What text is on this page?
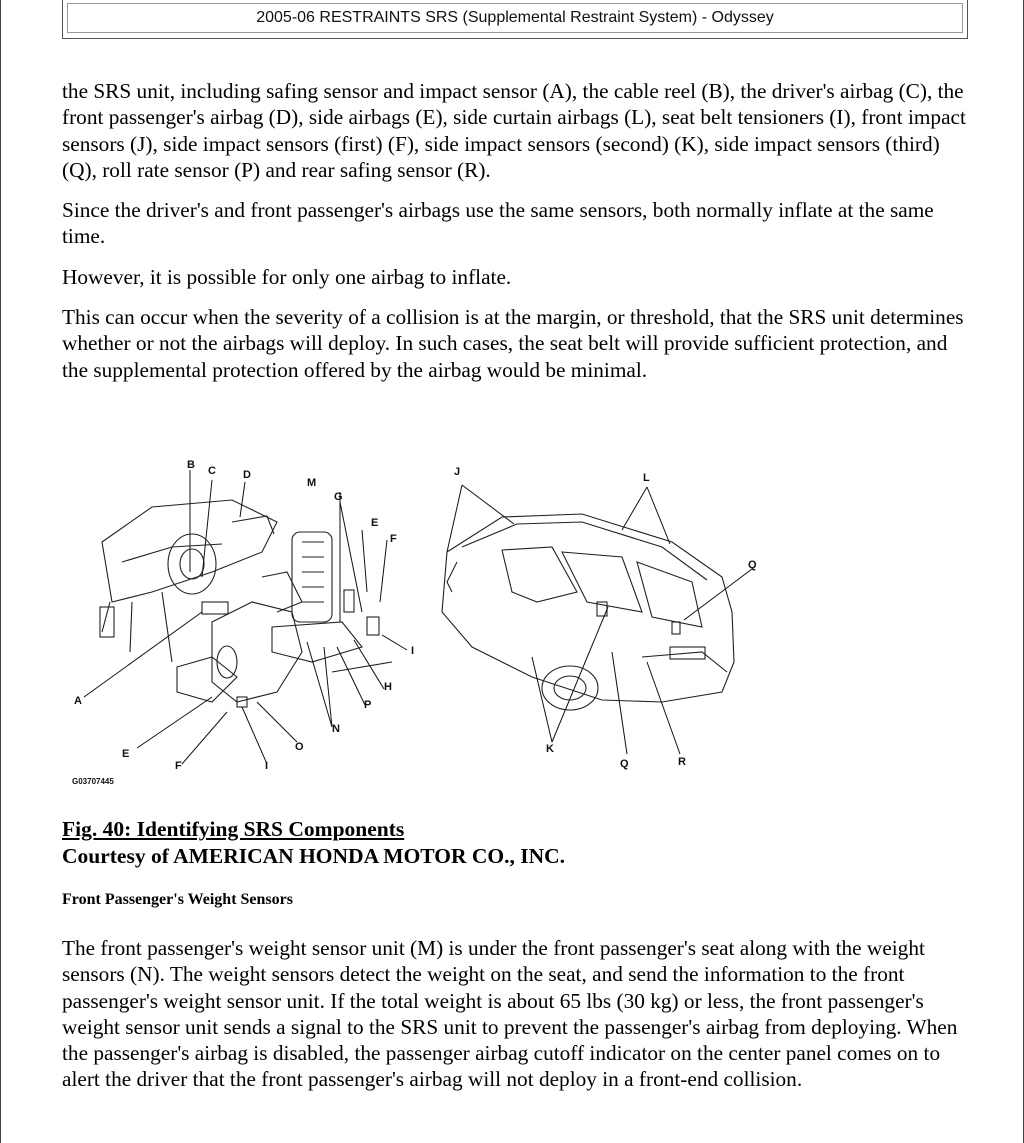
2005-06 RESTRAINTS SRS (Supplemental Restraint System) - Odyssey

the SRS unit, including safing sensor and impact sensor (A), the cable reel (B), the driver's airbag (C), the front passenger's airbag (D), side airbags (E), side curtain airbags (L), seat belt tensioners (I), front impact sensors (J), side impact sensors (first) (F), side impact sensors (second) (K), side impact sensors (third) (Q), roll rate sensor (P) and rear safing sensor (R).

Since the driver's and front passenger's airbags use the same sensors, both normally inflate at the same time.

However, it is possible for only one airbag to inflate.

This can occur when the severity of a collision is at the margin, or threshold, that the SRS unit determines whether or not the airbags will deploy. In such cases, the seat belt will provide sufficient protection, and the supplemental protection offered by the airbag would be minimal.

B C D
M
G
E
F
I
H
P
N
O
A
E
F	I
J	L
Q
K
Q	R
G03707445
Fig. 40: Identifying SRS Components
Courtesy of AMERICAN HONDA MOTOR CO., INC.
Front Passenger's Weight Sensors

The front passenger's weight sensor unit (M) is under the front passenger's seat along with the weight sensors (N). The weight sensors detect the weight on the seat, and send the information to the front passenger's weight sensor unit. If the total weight is about 65 lbs (30 kg) or less, the front passenger's weight sensor unit sends a signal to the SRS unit to prevent the passenger's airbag from deploying. When the passenger's airbag is disabled, the passenger airbag cutoff indicator on the center panel comes on to alert the driver that the front passenger's airbag will not deploy in a front-end collision.
